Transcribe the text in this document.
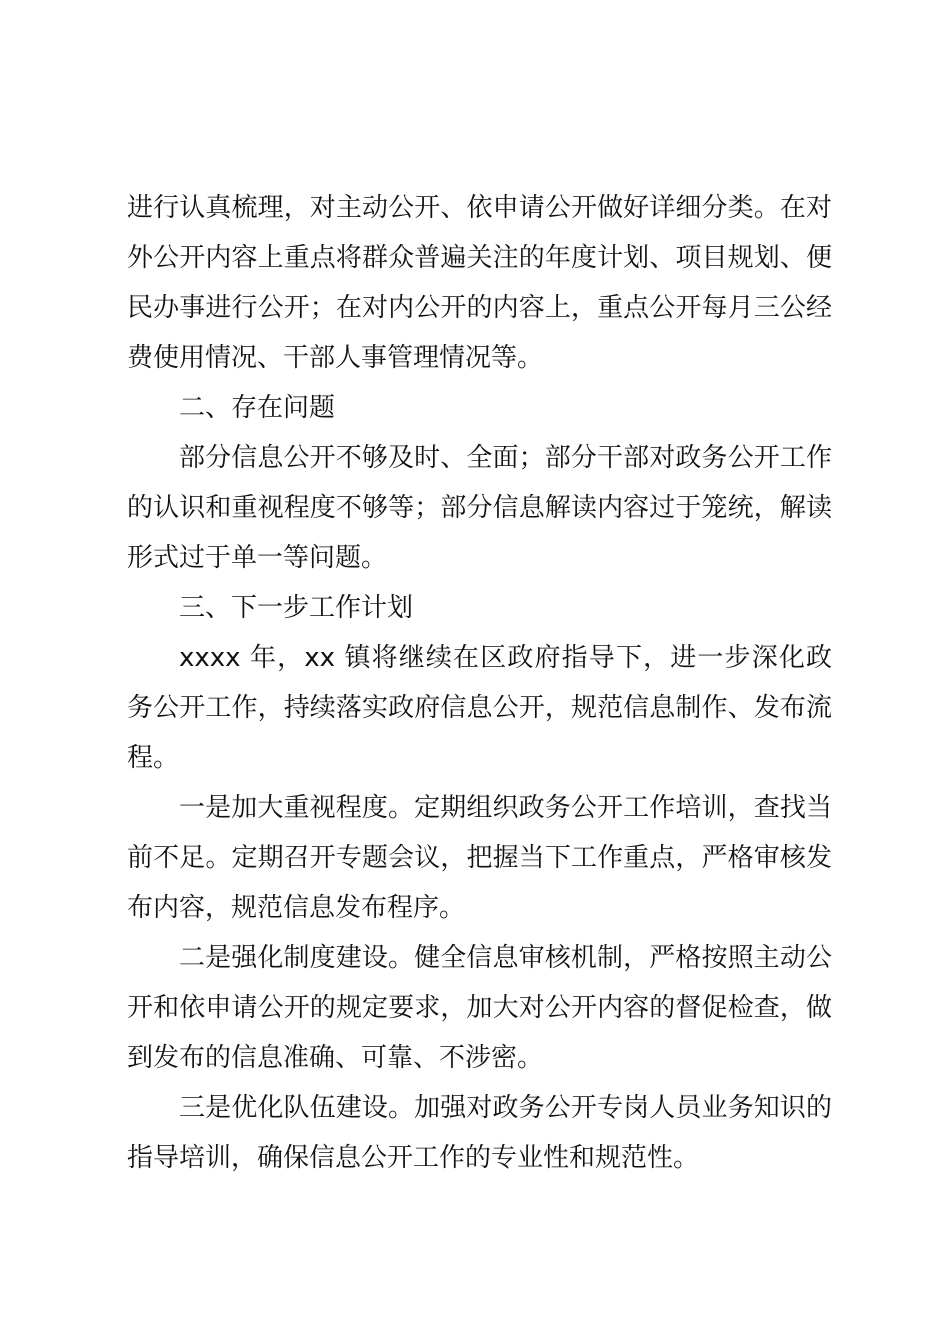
进行认真梳理，对主动公开、依申请公开做好详细分类。在对外公开内容上重点将群众普遍关注的年度计划、项目规划、便民办事进行公开；在对内公开的内容上，重点公开每月三公经费使用情况、干部人事管理情况等。

二、存在问题

部分信息公开不够及时、全面；部分干部对政务公开工作的认识和重视程度不够等；部分信息解读内容过于笼统，解读形式过于单一等问题。

三、下一步工作计划

xxxx 年，xx 镇将继续在区政府指导下，进一步深化政务公开工作，持续落实政府信息公开，规范信息制作、发布流程。

一是加大重视程度。定期组织政务公开工作培训，查找当前不足。定期召开专题会议，把握当下工作重点，严格审核发布内容，规范信息发布程序。

二是强化制度建设。健全信息审核机制，严格按照主动公开和依申请公开的规定要求，加大对公开内容的督促检查，做到发布的信息准确、可靠、不涉密。

三是优化队伍建设。加强对政务公开专岗人员业务知识的指导培训，确保信息公开工作的专业性和规范性。
